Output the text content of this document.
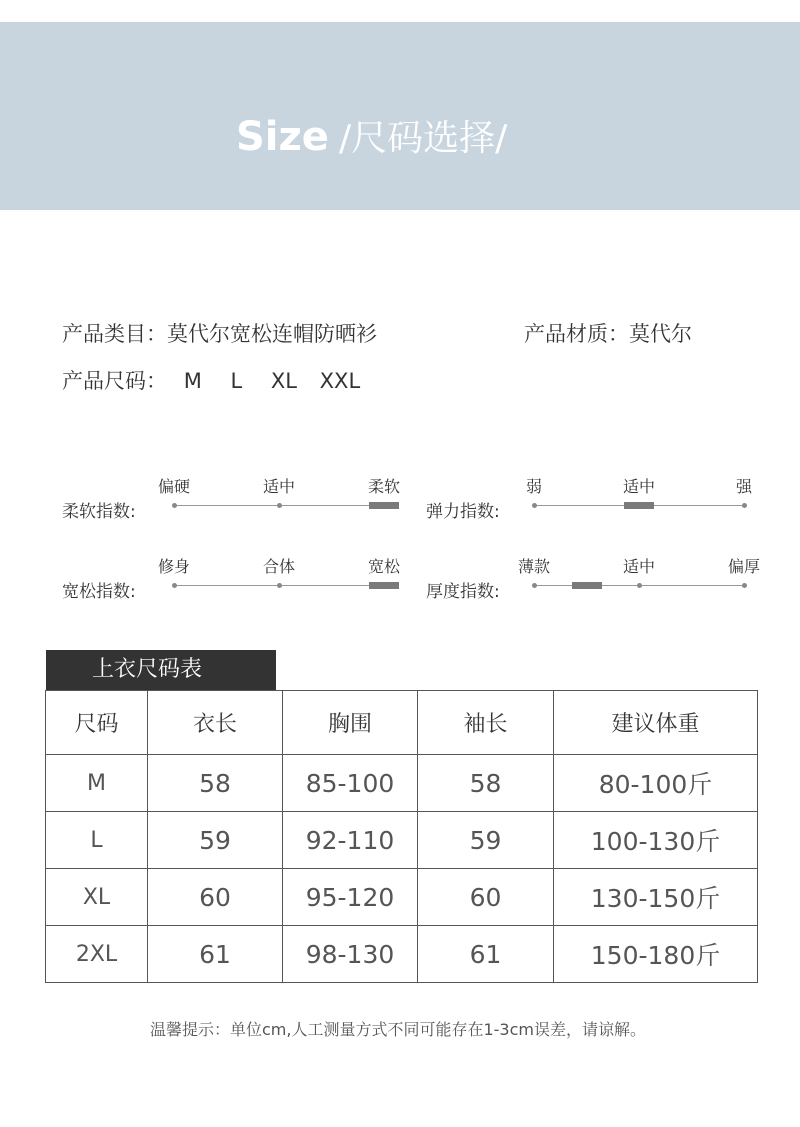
Size /尺码选择/
产品类目：莫代尔宽松连帽防晒衫	产品材质：莫代尔
产品尺码： M L XL XXL
柔软指数:
偏硬	适中	柔软
弹力指数:
弱	适中	强
宽松指数:
修身	合体	宽松
厚度指数:
薄款	适中	偏厚
上衣尺码表
尺码	衣长	胸围	袖长	建议体重
M	58	85-100	58	80-100斤
L	59	92-110	59	100-130斤
XL	60	95-120	60	130-150斤
2XL	61	98-130	61	150-180斤
温馨提示：单位cm,人工测量方式不同可能存在1-3cm误差，请谅解。
